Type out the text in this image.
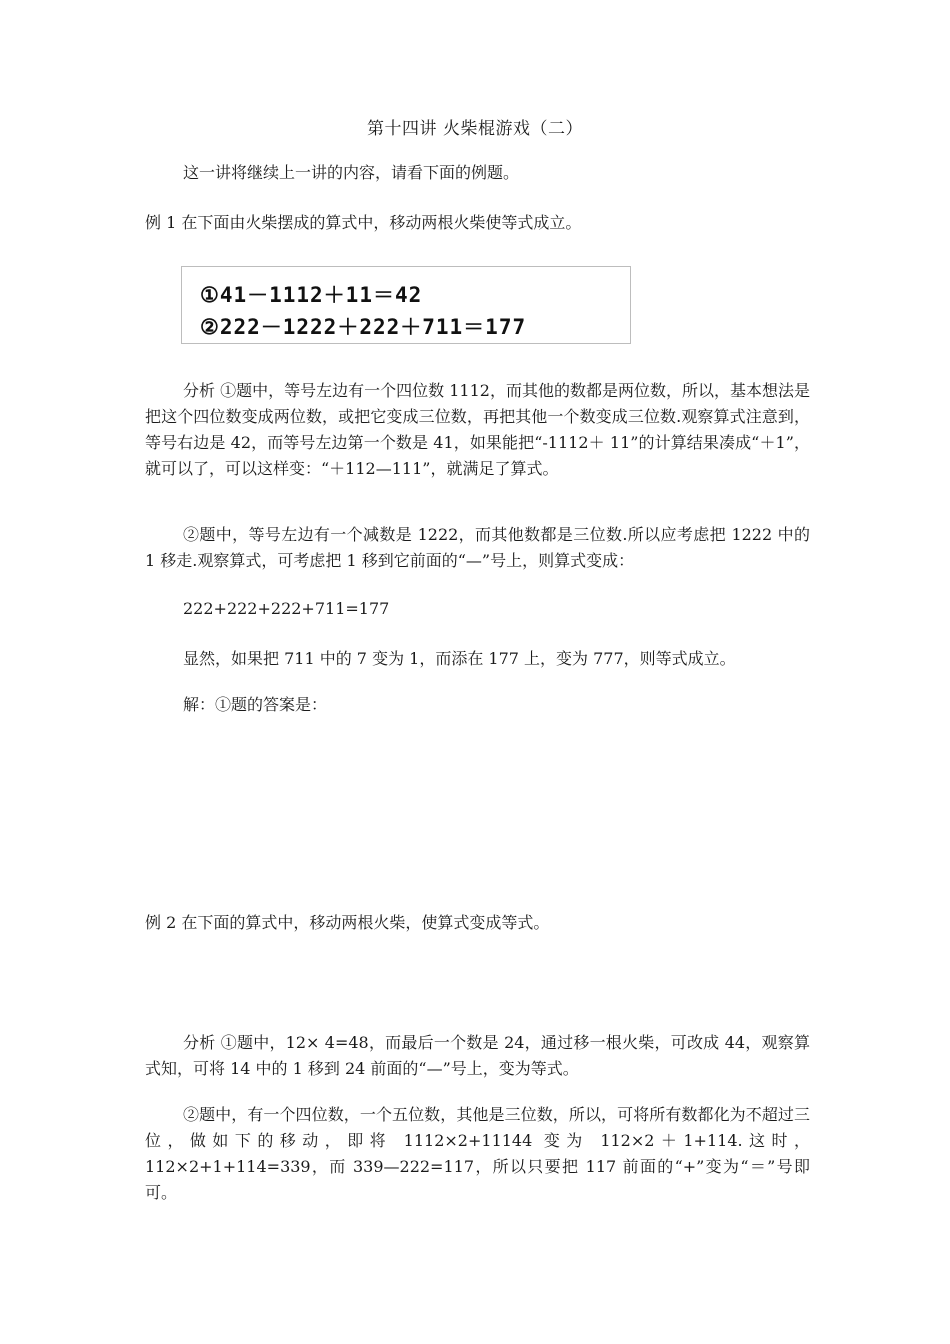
第十四讲 火柴棍游戏（二）
这一讲将继续上一讲的内容，请看下面的例题。
例 1 在下面由火柴摆成的算式中，移动两根火柴使等式成立。
①41－1112＋11＝42
②222－1222＋222＋711＝177
分析 ①题中，等号左边有一个四位数 1112，而其他的数都是两位数，所以，基本想法是把这个四位数变成两位数，或把它变成三位数，再把其他一个数变成三位数.观察算式注意到，等号右边是 42，而等号左边第一个数是 41，如果能把“-1112＋ 11”的计算结果凑成“＋1”，就可以了，可以这样变：“＋112—111”，就满足了算式。
②题中，等号左边有一个减数是 1222，而其他数都是三位数.所以应考虑把 1222 中的 1 移走.观察算式，可考虑把 1 移到它前面的“—”号上，则算式变成：
222+222+222+711=177
显然，如果把 711 中的 7 变为 1，而添在 177 上，变为 777，则等式成立。
解：①题的答案是：
例 2 在下面的算式中，移动两根火柴，使算式变成等式。
分析 ①题中，12× 4=48，而最后一个数是 24，通过移一根火柴，可改成 44，观察算式知，可将 14 中的 1 移到 24 前面的“—”号上，变为等式。
②题中，有一个四位数，一个五位数，其他是三位数，所以，可将所有数都化为不超过三位，做如下的移动，即将 1112×2+11144 变为 112×2＋1+114.这时，112×2+1+114=339，而 339—222=117，所以只要把 117 前面的“+”变为“＝”号即可。
